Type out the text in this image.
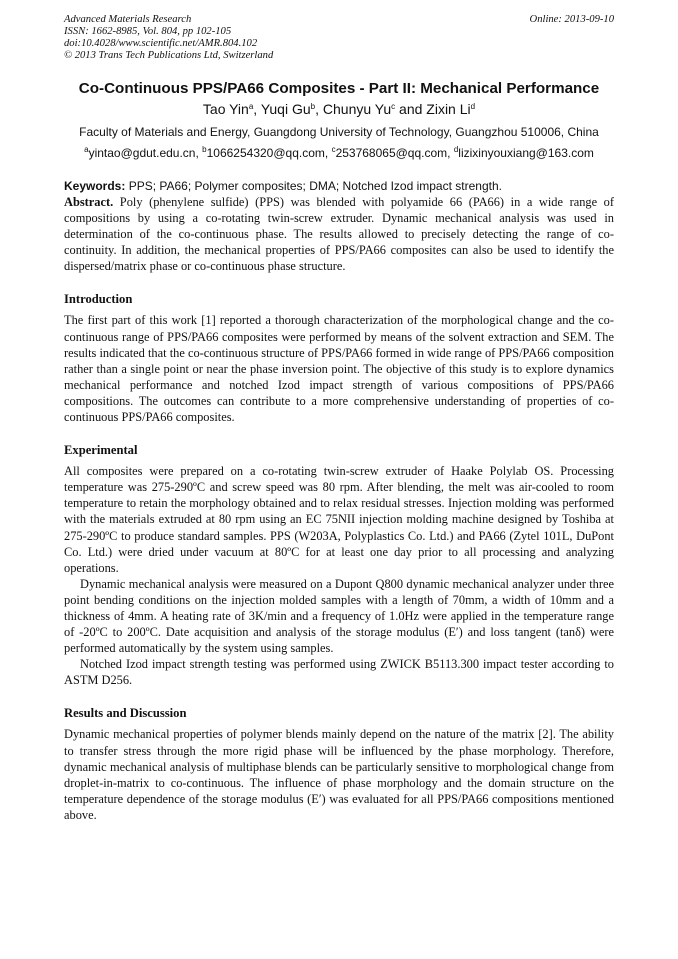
Advanced Materials Research
ISSN: 1662-8985, Vol. 804, pp 102-105
doi:10.4028/www.scientific.net/AMR.804.102
© 2013 Trans Tech Publications Ltd, Switzerland
Online: 2013-09-10
Co-Continuous PPS/PA66 Composites - Part II: Mechanical Performance
Tao Yin$^a$, Yuqi Gu$^b$, Chunyu Yu$^c$ and Zixin Li$^d$
Faculty of Materials and Energy, Guangdong University of Technology, Guangzhou 510006, China
$^a$yintao@gdut.edu.cn, $^b$1066254320@qq.com, $^c$253768065@qq.com, $^d$lizixinyouxiang@163.com
Keywords: PPS; PA66; Polymer composites; DMA; Notched Izod impact strength.

Abstract. Poly (phenylene sulfide) (PPS) was blended with polyamide 66 (PA66) in a wide range of compositions by using a co-rotating twin-screw extruder. Dynamic mechanical analysis was used in determination of the co-continuous phase. The results allowed to precisely detecting the range of co-continuity. In addition, the mechanical properties of PPS/PA66 composites can also be used to identify the dispersed/matrix phase or co-continuous phase structure.

Introduction

The first part of this work [1] reported a thorough characterization of the morphological change and the co-continuous range of PPS/PA66 composites were performed by means of the solvent extraction and SEM. The results indicated that the co-continuous structure of PPS/PA66 formed in wide range of PPS/PA66 composition rather than a single point or near the phase inversion point. The objective of this study is to explore dynamics mechanical performance and notched Izod impact strength of various compositions of PPS/PA66 compositions. The outcomes can contribute to a more comprehensive understanding of properties of co-continuous PPS/PA66 composites.

Experimental

All composites were prepared on a co-rotating twin-screw extruder of Haake Polylab OS. Processing temperature was 275-290ºC and screw speed was 80 rpm. After blending, the melt was air-cooled to room temperature to retain the morphology obtained and to relax residual stresses. Injection molding was performed with the materials extruded at 80 rpm using an EC 75NII injection molding machine designed by Toshiba at 275-290ºC to produce standard samples. PPS (W203A, Polyplastics Co. Ltd.) and PA66 (Zytel 101L, DuPont Co. Ltd.) were dried under vacuum at 80ºC for at least one day prior to all processing and analyzing operations.

Dynamic mechanical analysis were measured on a Dupont Q800 dynamic mechanical analyzer under three point bending conditions on the injection molded samples with a length of 70mm, a width of 10mm and a thickness of 4mm. A heating rate of 3K/min and a frequency of 1.0Hz were applied in the temperature range of -20ºC to 200ºC. Date acquisition and analysis of the storage modulus (E′) and loss tangent (tanδ) were performed automatically by the system using samples.

Notched Izod impact strength testing was performed using ZWICK B5113.300 impact tester according to ASTM D256.

Results and Discussion

Dynamic mechanical properties of polymer blends mainly depend on the nature of the matrix [2]. The ability to transfer stress through the more rigid phase will be influenced by the phase morphology. Therefore, dynamic mechanical analysis of multiphase blends can be particularly sensitive to morphological change from droplet-in-matrix to co-continuous. The influence of phase morphology and the domain structure on the temperature dependence of the storage modulus (E′) was evaluated for all PPS/PA66 compositions mentioned above.
